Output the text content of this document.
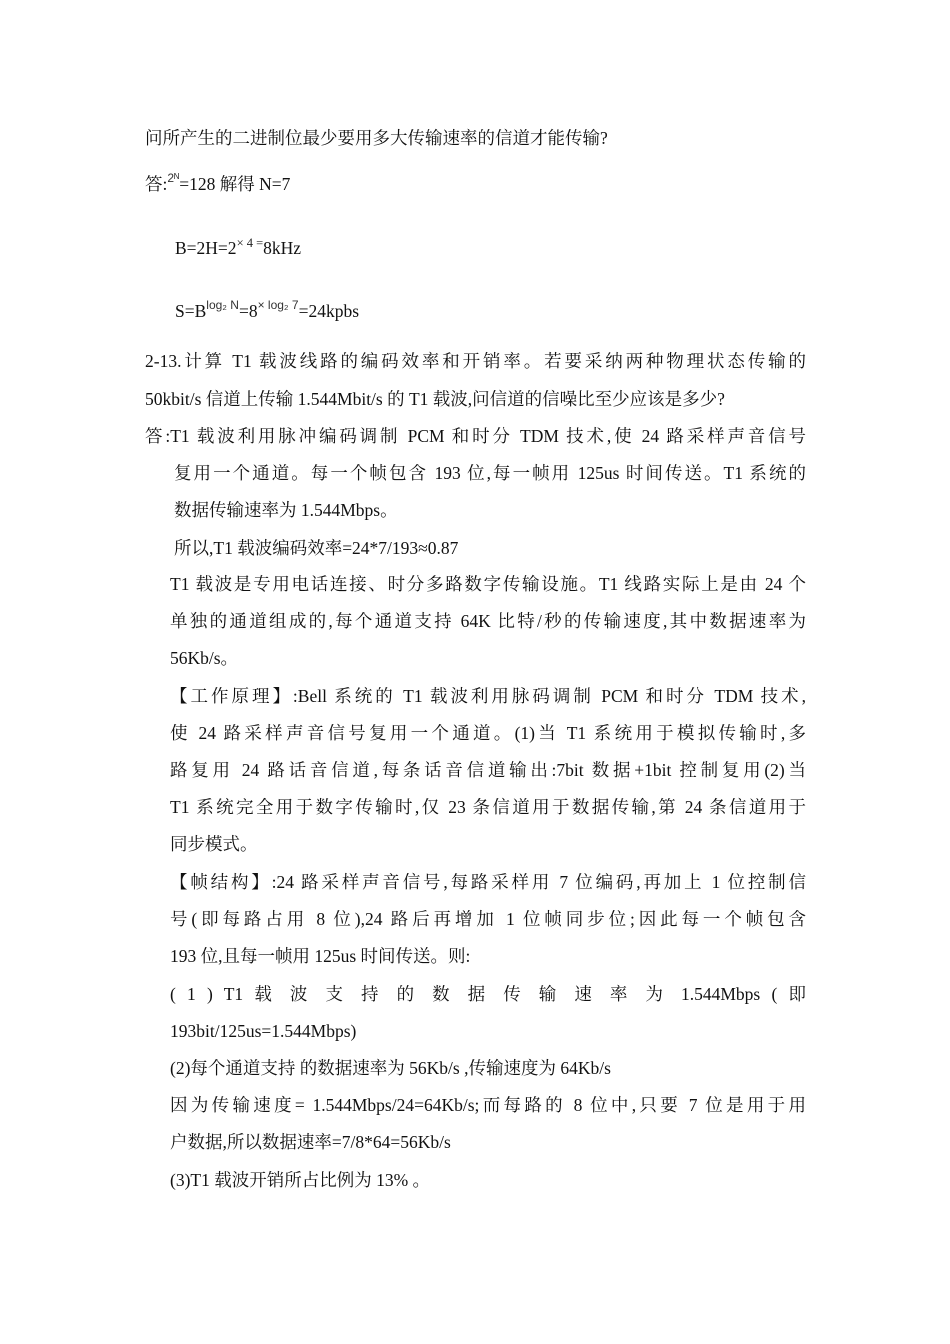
问所产生的二进制位最少要用多大传输速率的信道才能传输?
答:$^{2ᴺ}$=128 解得 N=7
$B=2H=2^{\times 4 =}8kHz$
$S=B^{log_2 N}=8^{\times log_2 7}=24kpbs$
2-13.计算 T1 载波线路的编码效率和开销率。若要采纳两种物理状态传输的
50kbit/s 信道上传输 1.544Mbit/s 的 T1 载波,问信道的信噪比至少应该是多少?
答:T1 载波利用脉冲编码调制 PCM 和时分 TDM 技术,使 24 路采样声音信号
复用一个通道。每一个帧包含 193 位,每一帧用 125us 时间传送。T1 系统的
数据传输速率为 1.544Mbps。
所以,T1 载波编码效率=24*7/193≈0.87
T1 载波是专用电话连接、时分多路数字传输设施。T1 线路实际上是由 24 个
单独的通道组成的,每个通道支持 64K 比特/秒的传输速度,其中数据速率为
56Kb/s。
【工作原理】:Bell 系统的 T1 载波利用脉码调制 PCM 和时分 TDM 技术,
使 24 路采样声音信号复用一个通道。(1)当 T1 系统用于模拟传输时,多
路复用 24 路话音信道,每条话音信道输出:7bit 数据+1bit 控制复用(2)当
T1 系统完全用于数字传输时,仅 23 条信道用于数据传输,第 24 条信道用于
同步模式。
【帧结构】:24 路采样声音信号,每路采样用 7 位编码,再加上 1 位控制信
号(即每路占用 8 位),24 路后再增加 1 位帧同步位;因此每一个帧包含
193 位,且每一帧用 125us 时间传送。则:
( 1 ) T1 载 波 支 持 的 数 据 传 输 速 率 为 1.544Mbps ( 即
193bit/125us=1.544Mbps)
(2)每个通道支持 的数据速率为 56Kb/s ,传输速度为 64Kb/s
因为传输速度= 1.544Mbps/24=64Kb/s;而每路的 8 位中,只要 7 位是用于用
户数据,所以数据速率=7/8*64=56Kb/s
(3)T1 载波开销所占比例为 13% 。
